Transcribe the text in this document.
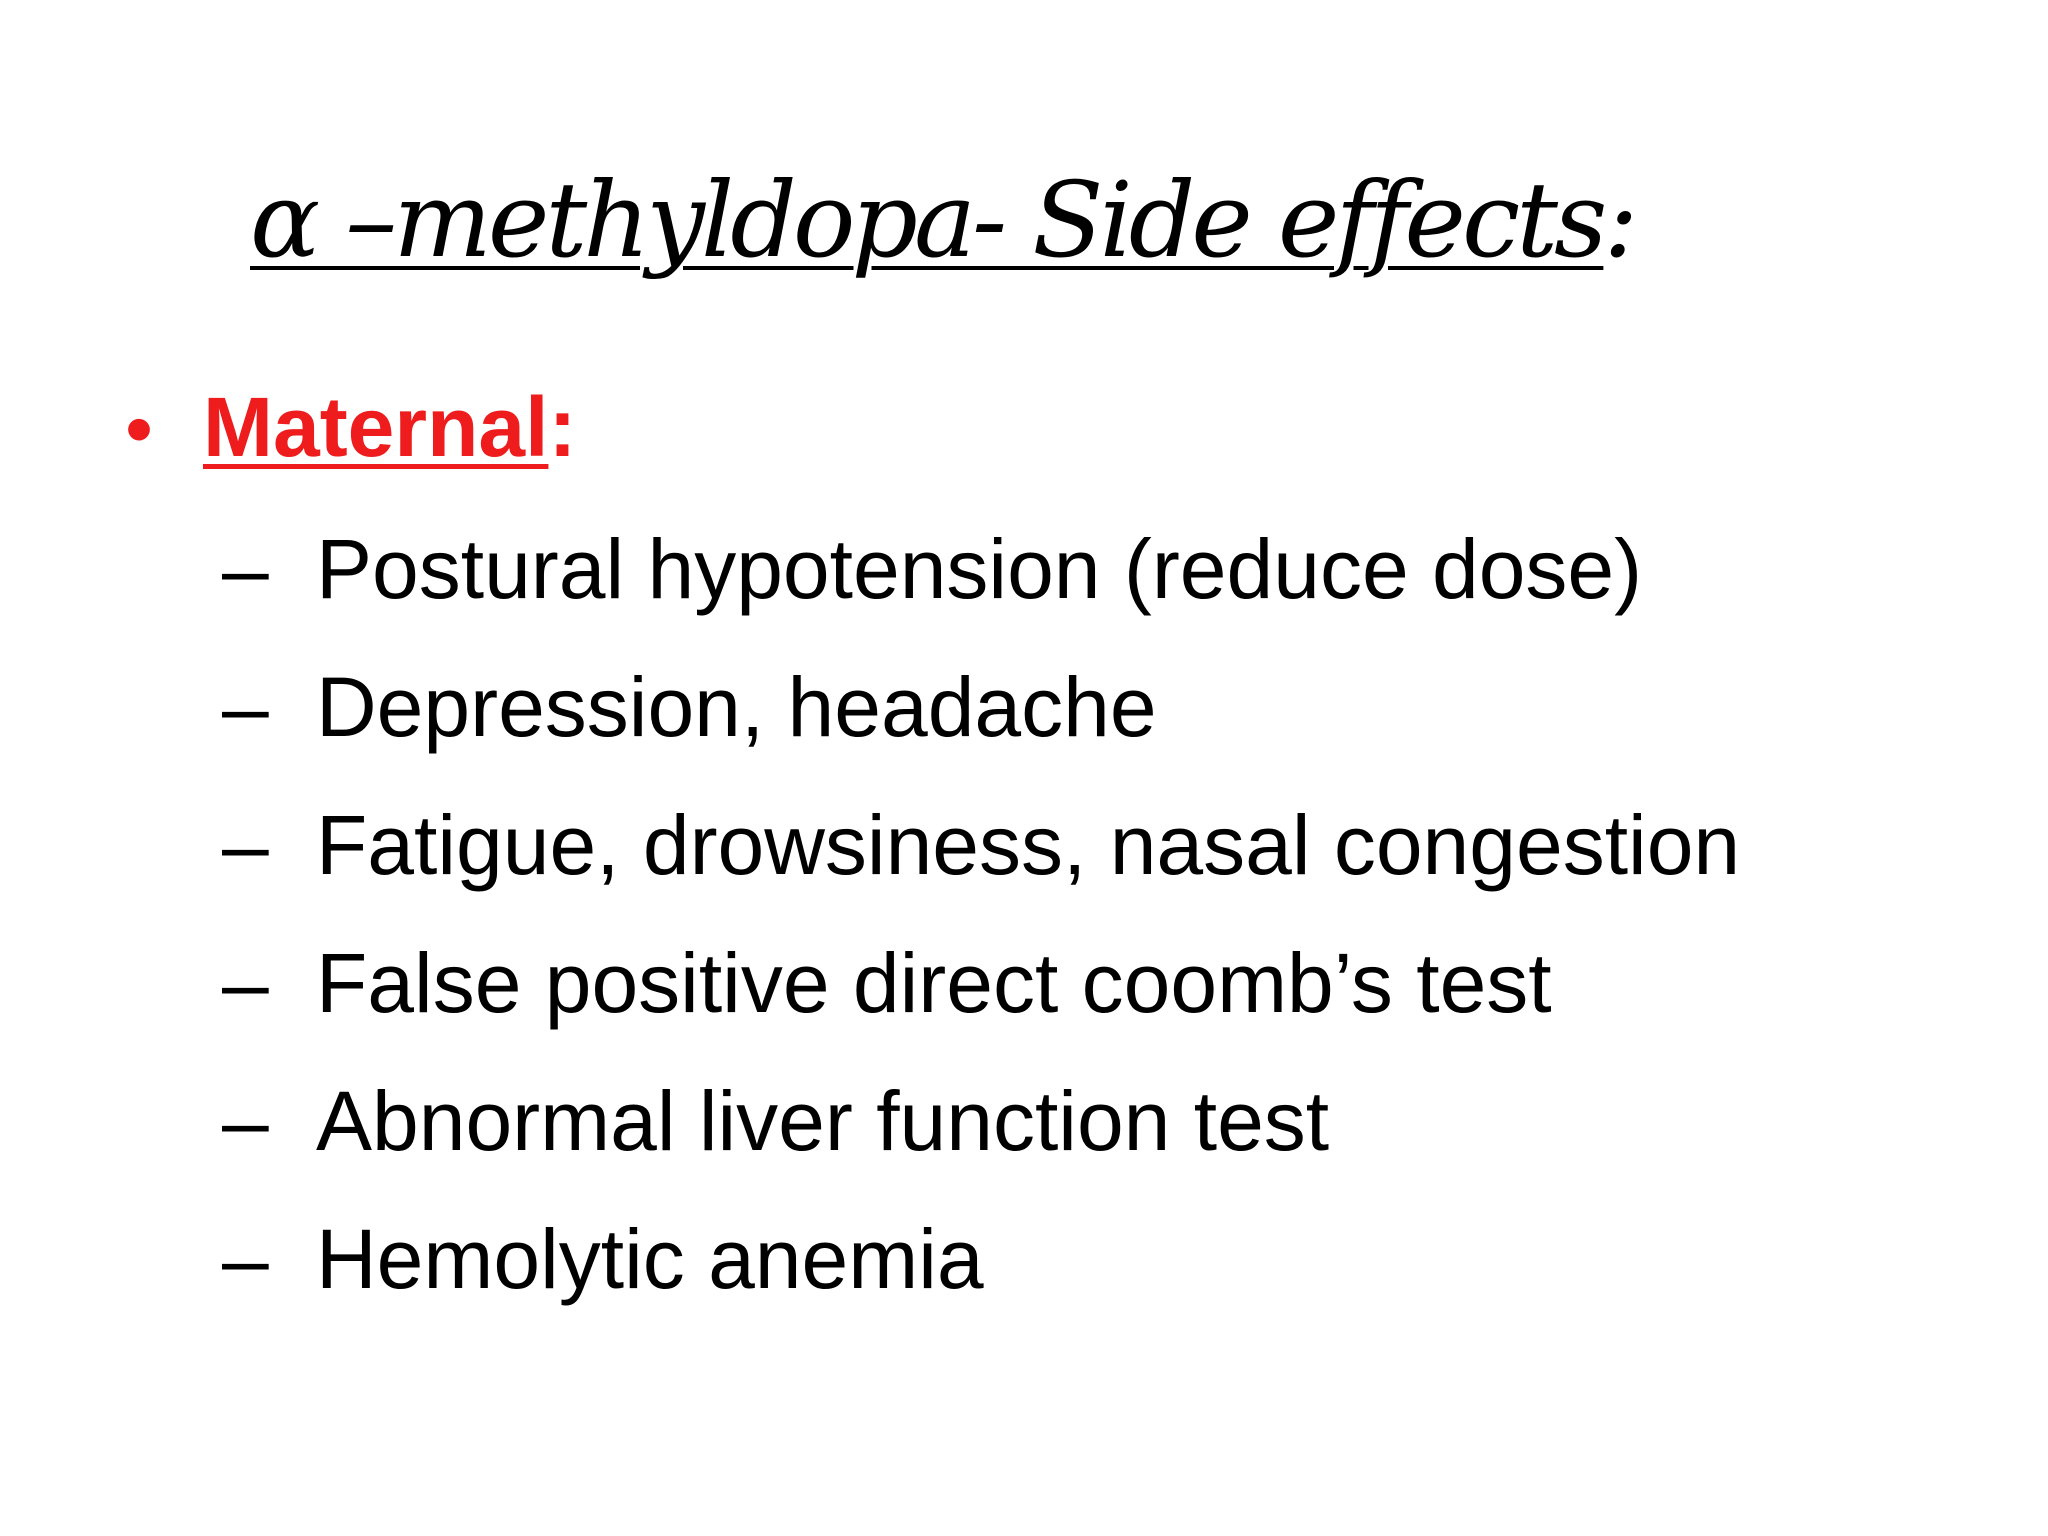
α –methyldopa- Side effects:
• Maternal:
– Postural hypotension (reduce dose)
– Depression, headache
– Fatigue, drowsiness, nasal congestion
– False positive direct coomb’s test
– Abnormal liver function test
– Hemolytic anemia
